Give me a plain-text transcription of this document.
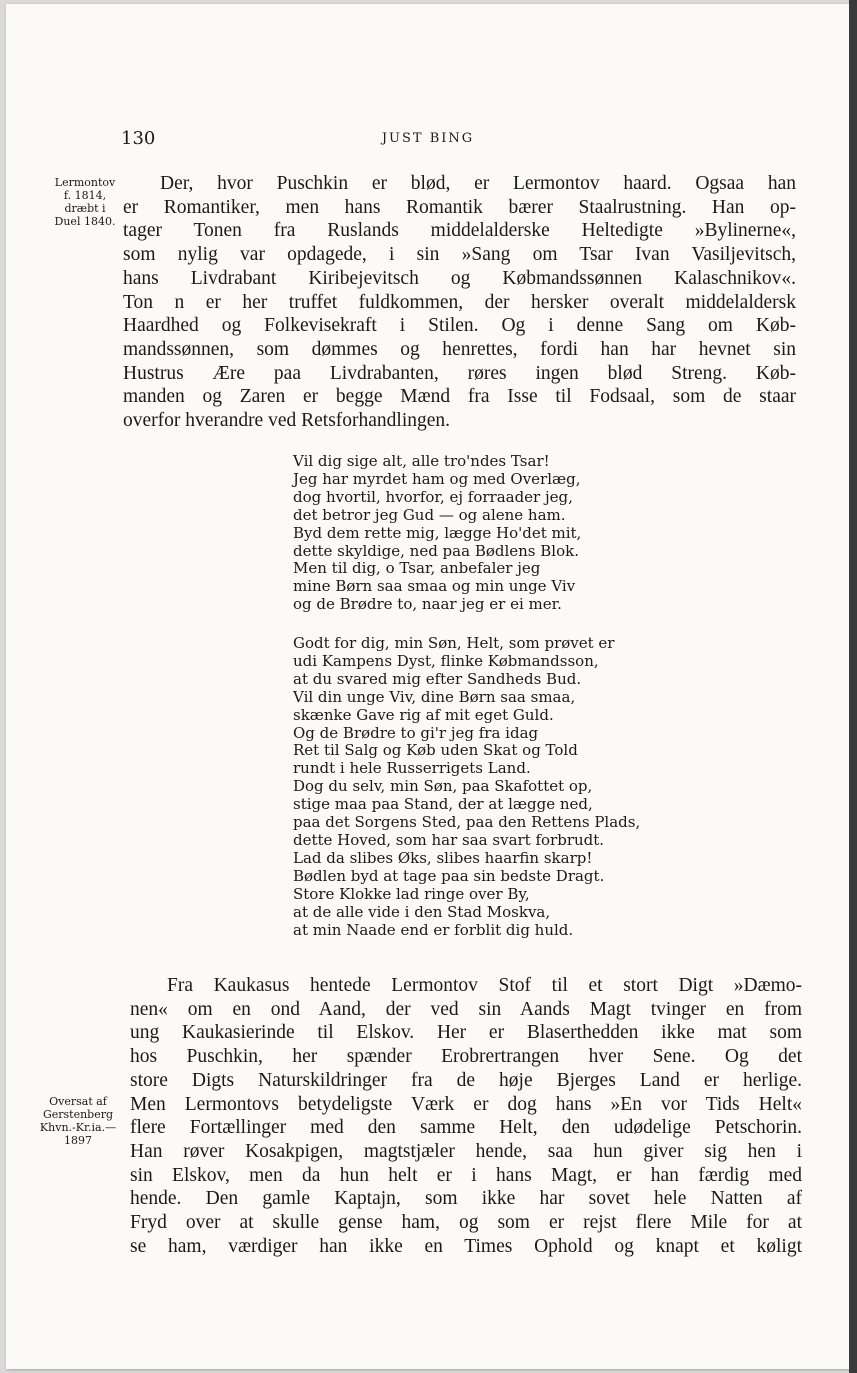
130	JUST BING
Lermontov
f. 1814,
dræbt i
Duel 1840.
Der, hvor Puschkin er blød, er Lermontov haard. Ogsaa han
er Romantiker, men hans Romantik bærer Staalrustning. Han op-
tager Tonen fra Ruslands middelalderske Heltedigte »Bylinerne«,
som nylig var opdagede, i sin »Sang om Tsar Ivan Vasiljevitsch,
hans Livdrabant Kiribejevitsch og Købmandssønnen Kalaschnikov«.
Ton n er her truffet fuldkommen, der hersker overalt middelaldersk
Haardhed og Folkevisekraft i Stilen. Og i denne Sang om Køb-
mandssønnen, som dømmes og henrettes, fordi han har hevnet sin
Hustrus Ære paa Livdrabanten, røres ingen blød Streng. Køb-
manden og Zaren er begge Mænd fra Isse til Fodsaal, som de staar
overfor hverandre ved Retsforhandlingen.
Vil dig sige alt, alle tro'ndes Tsar!
Jeg har myrdet ham og med Overlæg,
dog hvortil, hvorfor, ej forraader jeg,
det betror jeg Gud — og alene ham.
Byd dem rette mig, lægge Ho'det mit,
dette skyldige, ned paa Bødlens Blok.
Men til dig, o Tsar, anbefaler jeg
mine Børn saa smaa og min unge Viv
og de Brødre to, naar jeg er ei mer.
Godt for dig, min Søn, Helt, som prøvet er
udi Kampens Dyst, flinke Købmandsson,
at du svared mig efter Sandheds Bud.
Vil din unge Viv, dine Børn saa smaa,
skænke Gave rig af mit eget Guld.
Og de Brødre to gi'r jeg fra idag
Ret til Salg og Køb uden Skat og Told
rundt i hele Russerrigets Land.
Dog du selv, min Søn, paa Skafottet op,
stige maa paa Stand, der at lægge ned,
paa det Sorgens Sted, paa den Rettens Plads,
dette Hoved, som har saa svart forbrudt.
Lad da slibes Øks, slibes haarfin skarp!
Bødlen byd at tage paa sin bedste Dragt.
Store Klokke lad ringe over By,
at de alle vide i den Stad Moskva,
at min Naade end er forblit dig huld.
Oversat af
Gerstenberg
Khvn.-Kr.ia.—
1897
Fra Kaukasus hentede Lermontov Stof til et stort Digt »Dæmo-
nen« om en ond Aand, der ved sin Aands Magt tvinger en from
ung Kaukasierinde til Elskov. Her er Blaserthedden ikke mat som
hos Puschkin, her spænder Erobrertrangen hver Sene. Og det
store Digts Naturskildringer fra de høje Bjerges Land er herlige.
Men Lermontovs betydeligste Værk er dog hans »En vor Tids Helt«
flere Fortællinger med den samme Helt, den udødelige Petschorin.
Han røver Kosakpigen, magtstjæler hende, saa hun giver sig hen i
sin Elskov, men da hun helt er i hans Magt, er han færdig med
hende. Den gamle Kaptajn, som ikke har sovet hele Natten af
Fryd over at skulle gense ham, og som er rejst flere Mile for at
se ham, værdiger han ikke en Times Ophold og knapt et køligt
